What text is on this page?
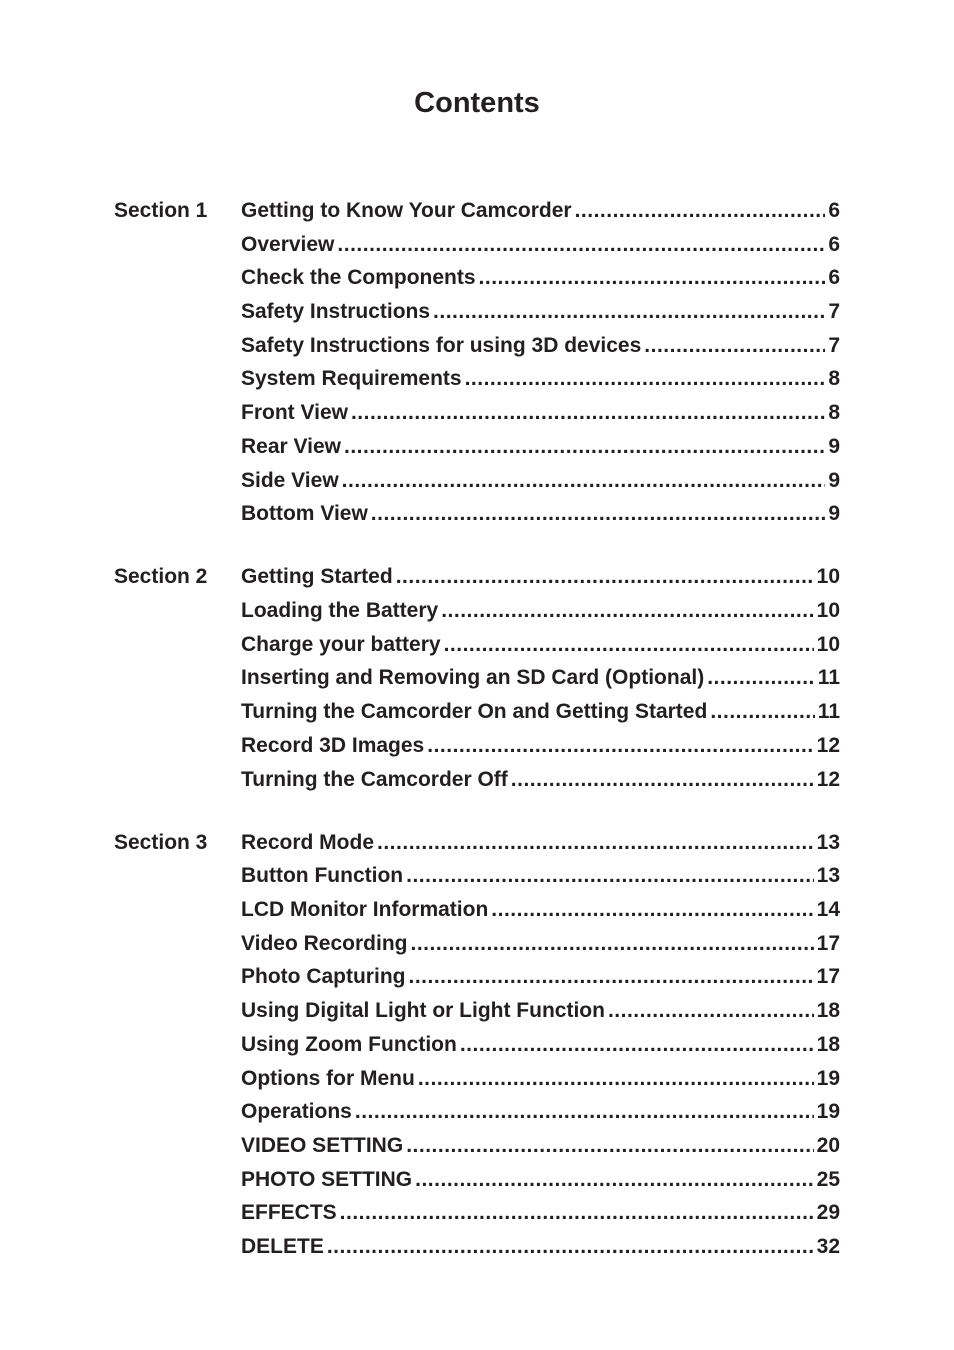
Contents
Section 1 Getting to Know Your Camcorder .....	6
Overview .....	6
Check the Components .....	6
Safety Instructions .....	7
Safety Instructions for using 3D devices .....	7
System Requirements .....	8
Front View .....	8
Rear View .....	9
Side View .....	9
Bottom View .....	9
Section 2 Getting Started .....	10
Loading the Battery .....	10
Charge your battery .....	10
Inserting and Removing an SD Card (Optional) .....	11
Turning the Camcorder On and Getting Started .....	11
Record 3D Images .....	12
Turning the Camcorder Off .....	12
Section 3 Record Mode .....	13
Button Function .....	13
LCD Monitor Information .....	14
Video Recording .....	17
Photo Capturing .....	17
Using Digital Light or Light Function .....	18
Using Zoom Function .....	18
Options for Menu .....	19
Operations .....	19
VIDEO SETTING .....	20
PHOTO SETTING .....	25
EFFECTS .....	29
DELETE .....	32
